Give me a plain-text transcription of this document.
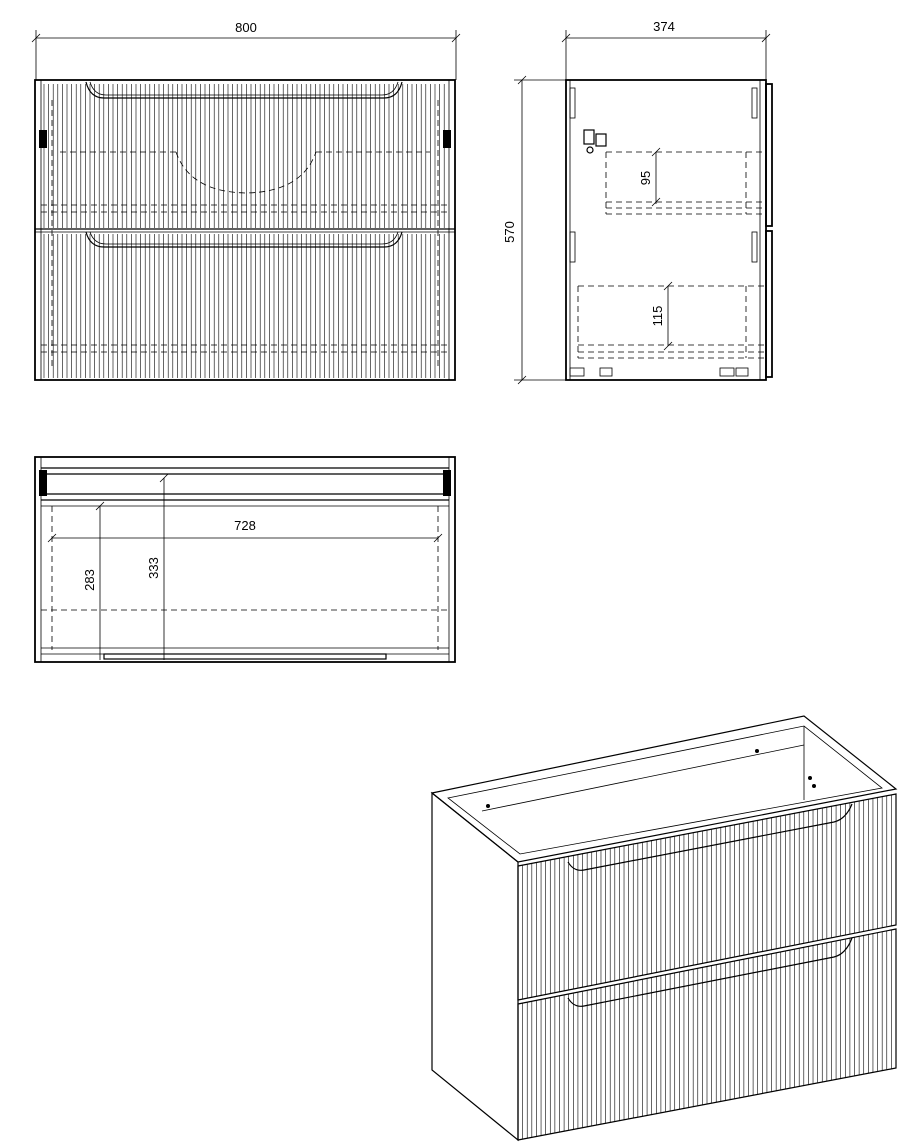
800	374
570
95
115
728
283
333
